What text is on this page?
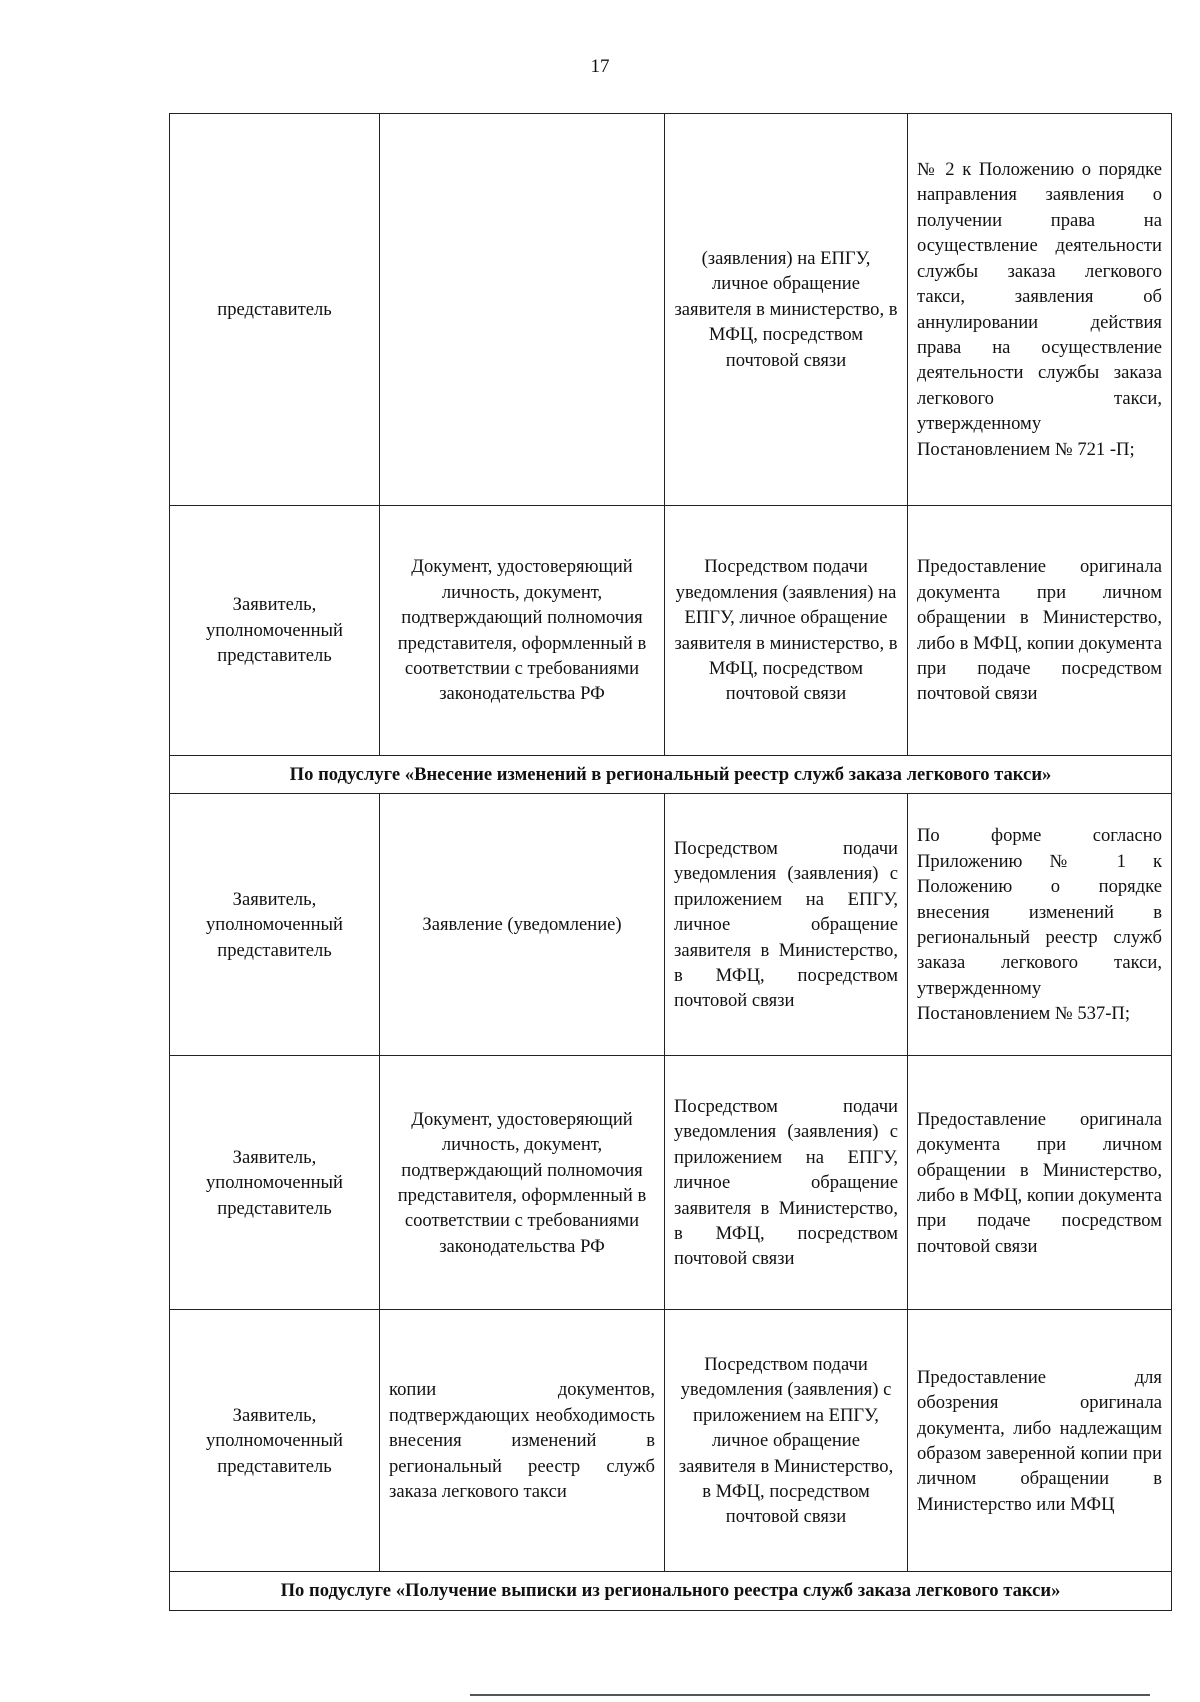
17
представитель		(заявления) на ЕПГУ, личное обращение заявителя в министерство, в МФЦ, посредством почтовой связи	№ 2 к Положению о порядке направления заявления о получении права на осуществление деятельности службы заказа легкового такси, заявления об аннулировании действия права на осуществление деятельности службы заказа легкового такси, утвержденному Постановлением № 721 -П;
Заявитель, уполномоченный представитель	Документ, удостоверяющий личность, документ, подтверждающий полномочия представителя, оформленный в соответствии с требованиями законодательства РФ	Посредством подачи уведомления (заявления) на ЕПГУ, личное обращение заявителя в министерство, в МФЦ, посредством почтовой связи	Предоставление оригинала документа при личном обращении в Министерство, либо в МФЦ, копии документа при подаче посредством почтовой связи
По подуслуге «Внесение изменений в региональный реестр служб заказа легкового такси»			
Заявитель, уполномоченный представитель	Заявление (уведомление)	Посредством подачи уведомления (заявления) с приложением на ЕПГУ, личное обращение заявителя в Министерство, в МФЦ, посредством почтовой связи	По форме согласно Приложению № 1 к Положению о порядке внесения изменений в региональный реестр служб заказа легкового такси, утвержденному Постановлением № 537-П;
Заявитель, уполномоченный представитель	Документ, удостоверяющий личность, документ, подтверждающий полномочия представителя, оформленный в соответствии с требованиями законодательства РФ	Посредством подачи уведомления (заявления) с приложением на ЕПГУ, личное обращение заявителя в Министерство, в МФЦ, посредством почтовой связи	Предоставление оригинала документа при личном обращении в Министерство, либо в МФЦ, копии документа при подаче посредством почтовой связи
Заявитель, уполномоченный представитель	копии документов, подтверждающих необходимость внесения изменений в региональный реестр служб заказа легкового такси	Посредством подачи уведомления (заявления) с приложением на ЕПГУ, личное обращение заявителя в Министерство, в МФЦ, посредством почтовой связи	Предоставление для обозрения оригинала документа, либо надлежащим образом заверенной копии при личном обращении в Министерство или МФЦ
По подуслуге «Получение выписки из регионального реестра служб заказа легкового такси»			
